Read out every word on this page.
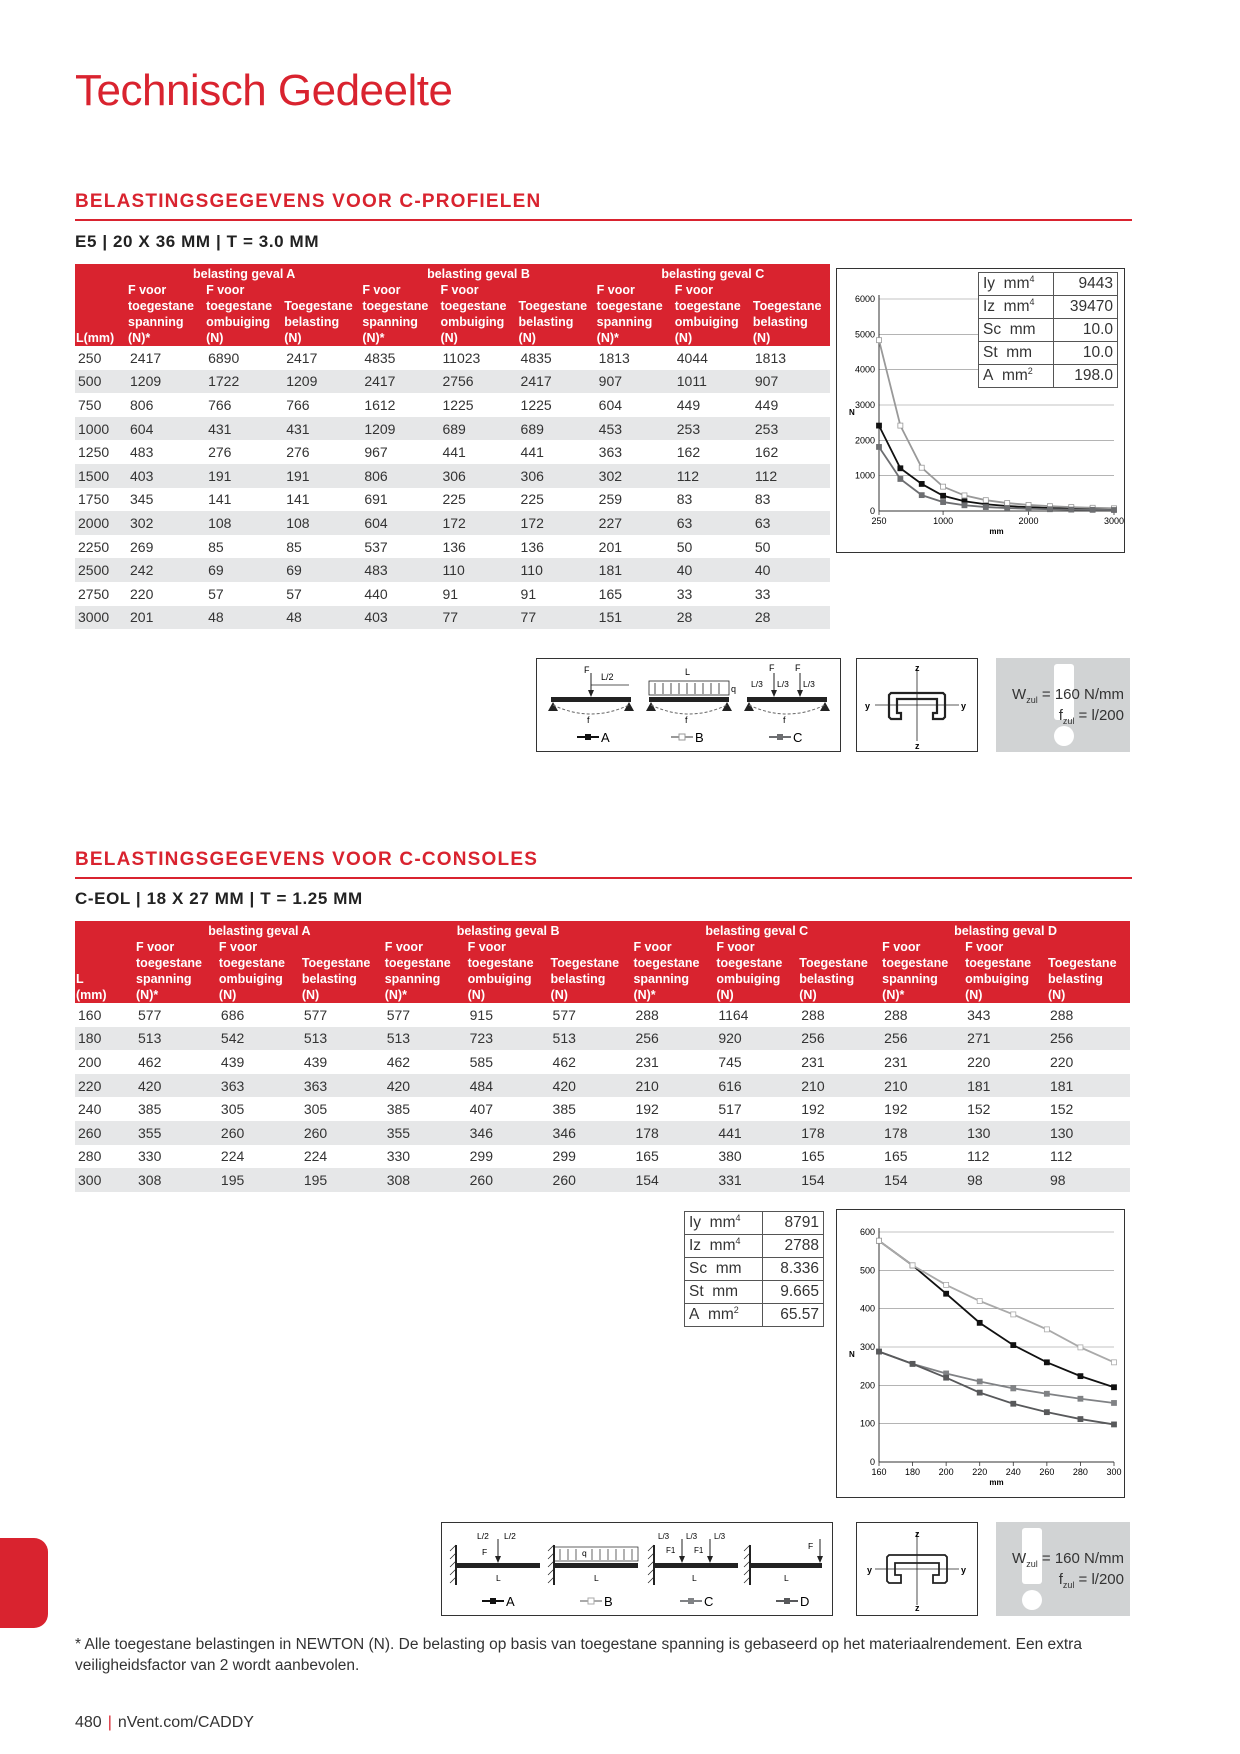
Technisch Gedeelte
BELASTINGSGEGEVENS VOOR C-PROFIELEN
E5 | 20 X 36 MM | T = 3.0 MM
	belasting geval A			belasting geval B			belasting geval C		
	F voor	F voor		F voor	F voor		F voor	F voor	
	toegestane	toegestane	Toegestane	toegestane	toegestane	Toegestane	toegestane	toegestane	Toegestane
	spanning	ombuiging	belasting	spanning	ombuiging	belasting	spanning	ombuiging	belasting
L(mm)	(N)*	(N)	(N)	(N)*	(N)	(N)	(N)*	(N)	(N)
250	2417	6890	2417	4835	11023	4835	1813	4044	1813
500	1209	1722	1209	2417	2756	2417	907	1011	907
750	806	766	766	1612	1225	1225	604	449	449
1000	604	431	431	1209	689	689	453	253	253
1250	483	276	276	967	441	441	363	162	162
1500	403	191	191	806	306	306	302	112	112
1750	345	141	141	691	225	225	259	83	83
2000	302	108	108	604	172	172	227	63	63
2250	269	85	85	537	136	136	201	50	50
2500	242	69	69	483	110	110	181	40	40
2750	220	57	57	440	91	91	165	33	33
3000	201	48	48	403	77	77	151	28	28
0
1000
2000
3000
4000
5000
6000
250	1000	2000	3000
N
mm
Iy  $mm^4$	9443
Iz  $mm^4$	39470
Sc  mm	10.0
St  mm	10.0
A  $mm^2$	198.0
F
L/2
f
L
q
f
F F
L/3 L/3 L/3
f
A	B	C
z
z
y	y
$W_{zul} = 160$ N/mm
$f_{zul} = l/200$
BELASTINGSGEGEVENS VOOR C-CONSOLES
C-EOL | 18 X 27 MM | T = 1.25 MM
	belasting geval A			belasting geval B			belasting geval C			belasting geval D		
	F voor	F voor		F voor	F voor		F voor	F voor		F voor	F voor	
	toegestane	toegestane	Toegestane	toegestane	toegestane	Toegestane	toegestane	toegestane	Toegestane	toegestane	toegestane	Toegestane
L	spanning	ombuiging	belasting	spanning	ombuiging	belasting	spanning	ombuiging	belasting	spanning	ombuiging	belasting
(mm)	(N)*	(N)	(N)	(N)*	(N)	(N)	(N)*	(N)	(N)	(N)*	(N)	(N)
160	577	686	577	577	915	577	288	1164	288	288	343	288
180	513	542	513	513	723	513	256	920	256	256	271	256
200	462	439	439	462	585	462	231	745	231	231	220	220
220	420	363	363	420	484	420	210	616	210	210	181	181
240	385	305	305	385	407	385	192	517	192	192	152	152
260	355	260	260	355	346	346	178	441	178	178	130	130
280	330	224	224	330	299	299	165	380	165	165	112	112
300	308	195	195	308	260	260	154	331	154	154	98	98
Iy  $mm^4$	8791
Iz  $mm^4$	2788
Sc  mm	8.336
St  mm	9.665
A  $mm^2$	65.57
0
100
200
300
400
500
600
160 180 200 220 240 260 280 300
N
mm
L/2 L/2
F
L
q
L
L/3 L/3 L/3
F1 F1
L
F
L
A	B	C	D
z
z
y	y
$W_{zul} = 160$ N/mm
$f_{zul} = l/200$
* Alle toegestane belastingen in NEWTON (N). De belasting op basis van toegestane spanning is gebaseerd op het materiaalrendement. Een extra veiligheidsfactor van 2 wordt aanbevolen.
480 | nVent.com/CADDY
